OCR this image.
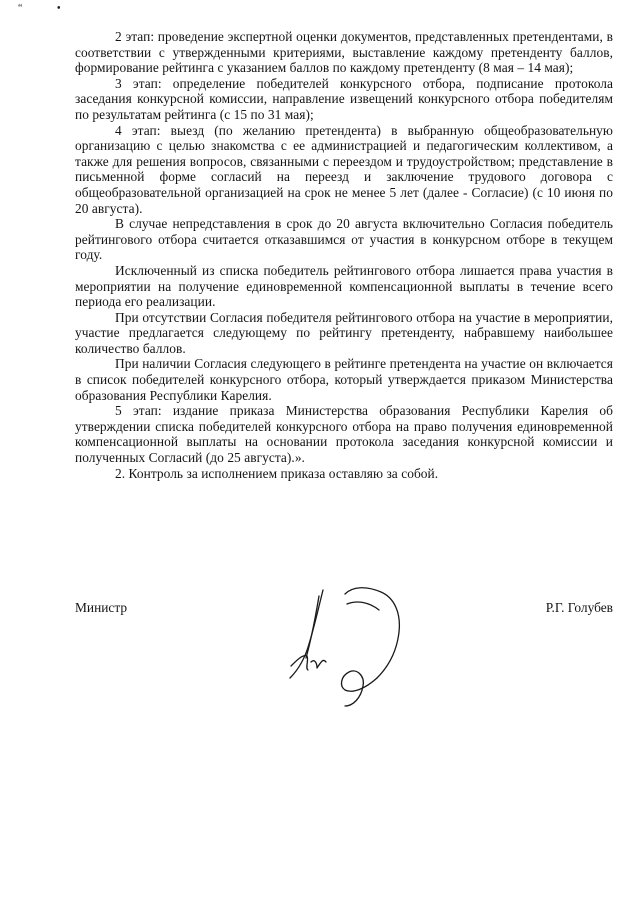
“	•

2 этап: проведение экспертной оценки документов, представленных претендентами, в соответствии с утвержденными критериями, выставление каждому претенденту баллов, формирование рейтинга с указанием баллов по каждому претенденту (8 мая – 14 мая);

3 этап: определение победителей конкурсного отбора, подписание протокола заседания конкурсной комиссии, направление извещений конкурсного отбора победителям по результатам рейтинга (с 15 по 31 мая);

4 этап: выезд (по желанию претендента) в выбранную общеобразовательную организацию с целью знакомства с ее администрацией и педагогическим коллективом, а также для решения вопросов, связанными с переездом и трудоустройством; представление в письменной форме согласий на переезд и заключение трудового договора с общеобразовательной организацией на срок не менее 5 лет (далее - Согласие) (с 10 июня по 20 августа).

В случае непредставления в срок до 20 августа включительно Согласия победитель рейтингового отбора считается отказавшимся от участия в конкурсном отборе в текущем году.

Исключенный из списка победитель рейтингового отбора лишается права участия в мероприятии на получение единовременной компенсационной выплаты в течение всего периода его реализации.

При отсутствии Согласия победителя рейтингового отбора на участие в мероприятии, участие предлагается следующему по рейтингу претенденту, набравшему наибольшее количество баллов.

При наличии Согласия следующего в рейтинге претендента на участие он включается в список победителей конкурсного отбора, который утверждается приказом Министерства образования Республики Карелия.

5 этап: издание приказа Министерства образования Республики Карелия об утверждении списка победителей конкурсного отбора на право получения единовременной компенсационной выплаты на основании протокола заседания конкурсной комиссии и полученных Согласий (до 25 августа).».

2. Контроль за исполнением приказа оставляю за собой.

Министр	Р.Г. Голубев
